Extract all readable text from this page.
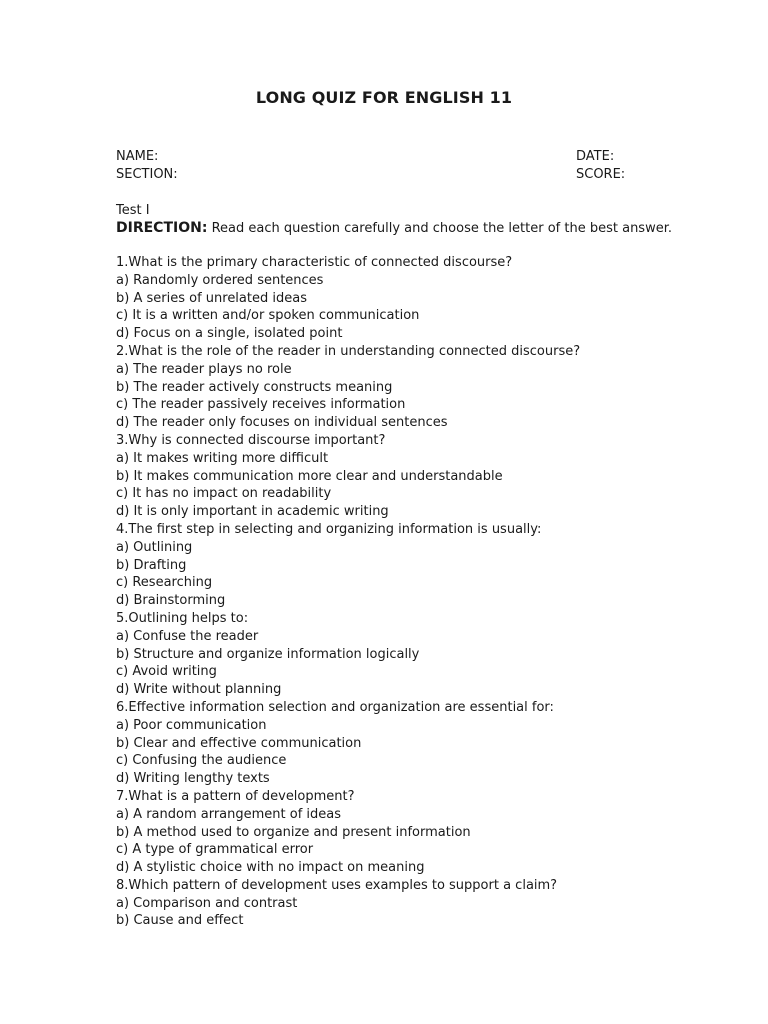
LONG QUIZ FOR ENGLISH 11
NAME:	DATE:
SECTION:	SCORE:
Test I
DIRECTION: Read each question carefully and choose the letter of the best answer.
1.What is the primary characteristic of connected discourse?
a) Randomly ordered sentences
b) A series of unrelated ideas
c) It is a written and/or spoken communication
d) Focus on a single, isolated point
2.What is the role of the reader in understanding connected discourse?
a) The reader plays no role
b) The reader actively constructs meaning
c) The reader passively receives information
d) The reader only focuses on individual sentences
3.Why is connected discourse important?
a) It makes writing more difficult
b) It makes communication more clear and understandable
c) It has no impact on readability
d) It is only important in academic writing
4.The first step in selecting and organizing information is usually:
a) Outlining
b) Drafting
c) Researching
d) Brainstorming
5.Outlining helps to:
a) Confuse the reader
b) Structure and organize information logically
c) Avoid writing
d) Write without planning
6.Effective information selection and organization are essential for:
a) Poor communication
b) Clear and effective communication
c) Confusing the audience
d) Writing lengthy texts
7.What is a pattern of development?
a) A random arrangement of ideas
b) A method used to organize and present information
c) A type of grammatical error
d) A stylistic choice with no impact on meaning
8.Which pattern of development uses examples to support a claim?
a) Comparison and contrast
b) Cause and effect
